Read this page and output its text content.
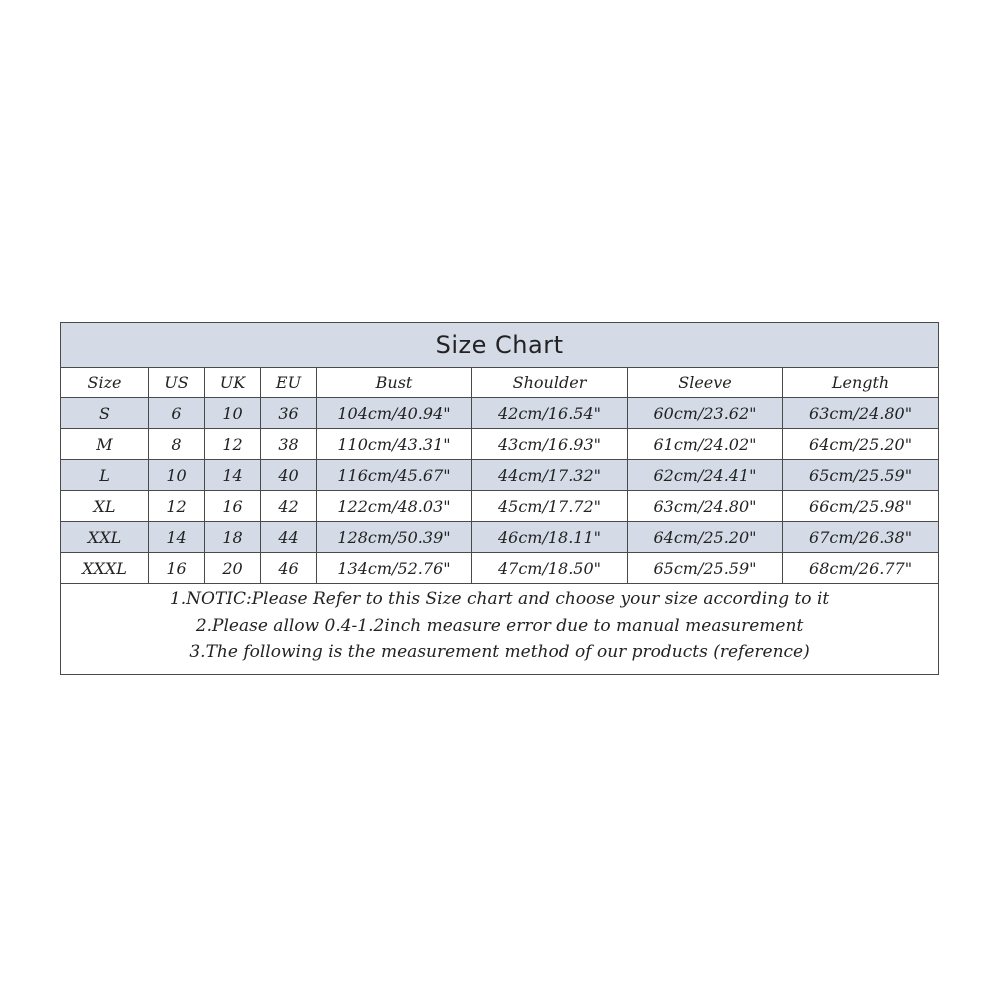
Size Chart							
Size	US	UK	EU	Bust	Shoulder	Sleeve	Length
S	6	10	36	104cm/40.94"	42cm/16.54"	60cm/23.62"	63cm/24.80"
M	8	12	38	110cm/43.31"	43cm/16.93"	61cm/24.02"	64cm/25.20"
L	10	14	40	116cm/45.67"	44cm/17.32"	62cm/24.41"	65cm/25.59"
XL	12	16	42	122cm/48.03"	45cm/17.72"	63cm/24.80"	66cm/25.98"
XXL	14	18	44	128cm/50.39"	46cm/18.11"	64cm/25.20"	67cm/26.38"
XXXL	16	20	46	134cm/52.76"	47cm/18.50"	65cm/25.59"	68cm/26.77"

1.NOTIC:Please Refer to this Size chart and choose your size according to it
2.Please allow 0.4-1.2inch measure error due to manual measurement
3.The following is the measurement method of our products (reference)							
